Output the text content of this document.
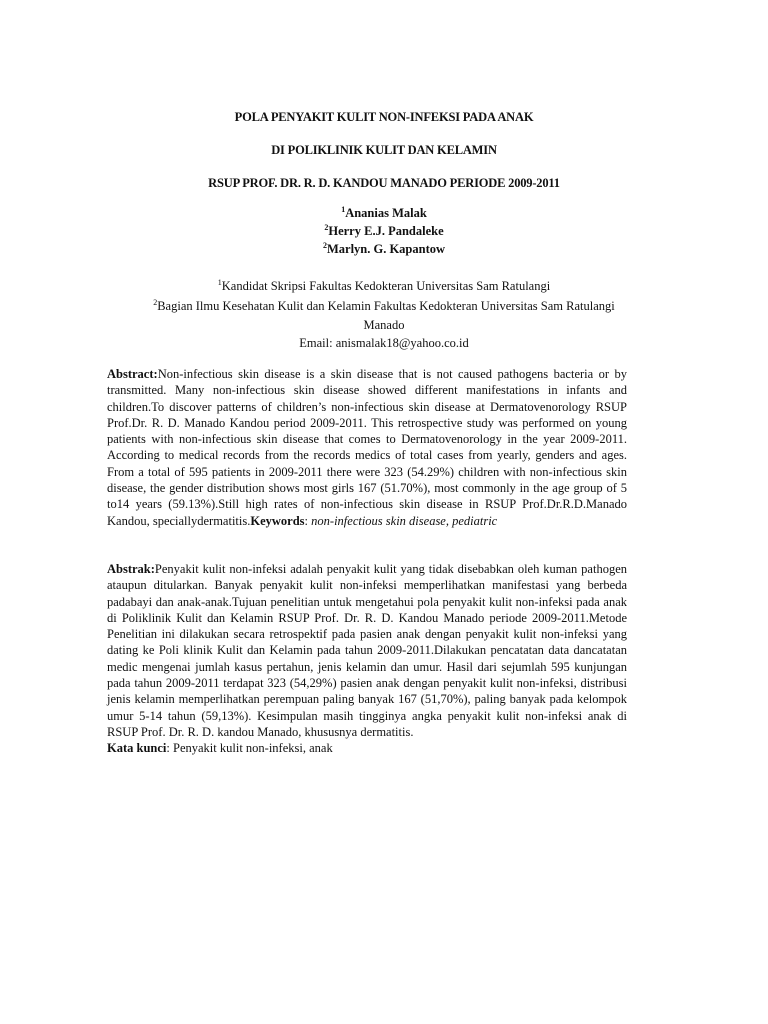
POLA PENYAKIT KULIT NON-INFEKSI PADA ANAK
DI POLIKLINIK KULIT DAN KELAMIN
RSUP PROF. DR. R. D. KANDOU MANADO PERIODE 2009-2011
$^1$Ananias Malak
$^2$Herry E.J. Pandaleke
$^2$Marlyn. G. Kapantow
$^1$Kandidat Skripsi Fakultas Kedokteran Universitas Sam Ratulangi
$^2$Bagian Ilmu Kesehatan Kulit dan Kelamin Fakultas Kedokteran Universitas Sam Ratulangi
Manado
Email: anismalak18@yahoo.co.id
Abstract:Non-infectious skin disease is a skin disease that is not caused pathogens bacteria or by transmitted. Many non-infectious skin disease showed different manifestations in infants and children.To discover patterns of children’s non-infectious skin disease at Dermatovenorology RSUP Prof.Dr. R. D. Manado Kandou period 2009-2011. This retrospective study was performed on young patients with non-infectious skin disease that comes to Dermatovenorology in the year 2009-2011. According to medical records from the records medics of total cases from yearly, genders and ages. From a total of 595 patients in 2009-2011 there were 323 (54.29%) children with non-infectious skin disease, the gender distribution shows most girls 167 (51.70%), most commonly in the age group of 5 to14 years (59.13%).Still high rates of non-infectious skin disease in RSUP Prof.Dr.R.D.Manado Kandou, speciallydermatitis.Keywords: non-infectious skin disease, pediatric
Abstrak:Penyakit kulit non-infeksi adalah penyakit kulit yang tidak disebabkan oleh kuman pathogen ataupun ditularkan. Banyak penyakit kulit non-infeksi memperlihatkan manifestasi yang berbeda padabayi dan anak-anak.Tujuan penelitian untuk mengetahui pola penyakit kulit non-infeksi pada anak di Poliklinik Kulit dan Kelamin RSUP Prof. Dr. R. D. Kandou Manado periode 2009-2011.Metode Penelitian ini dilakukan secara retrospektif pada pasien anak dengan penyakit kulit non-infeksi yang dating ke Poli klinik Kulit dan Kelamin pada tahun 2009-2011.Dilakukan pencatatan data dancatatan medic mengenai jumlah kasus pertahun, jenis kelamin dan umur. Hasil dari sejumlah 595 kunjungan pada tahun 2009-2011 terdapat 323 (54,29%) pasien anak dengan penyakit kulit non-infeksi, distribusi jenis kelamin memperlihatkan perempuan paling banyak 167 (51,70%), paling banyak pada kelompok umur 5-14 tahun (59,13%). Kesimpulan masih tingginya angka penyakit kulit non-infeksi anak di RSUP Prof. Dr. R. D. kandou Manado, khususnya dermatitis.
Kata kunci: Penyakit kulit non-infeksi, anak
